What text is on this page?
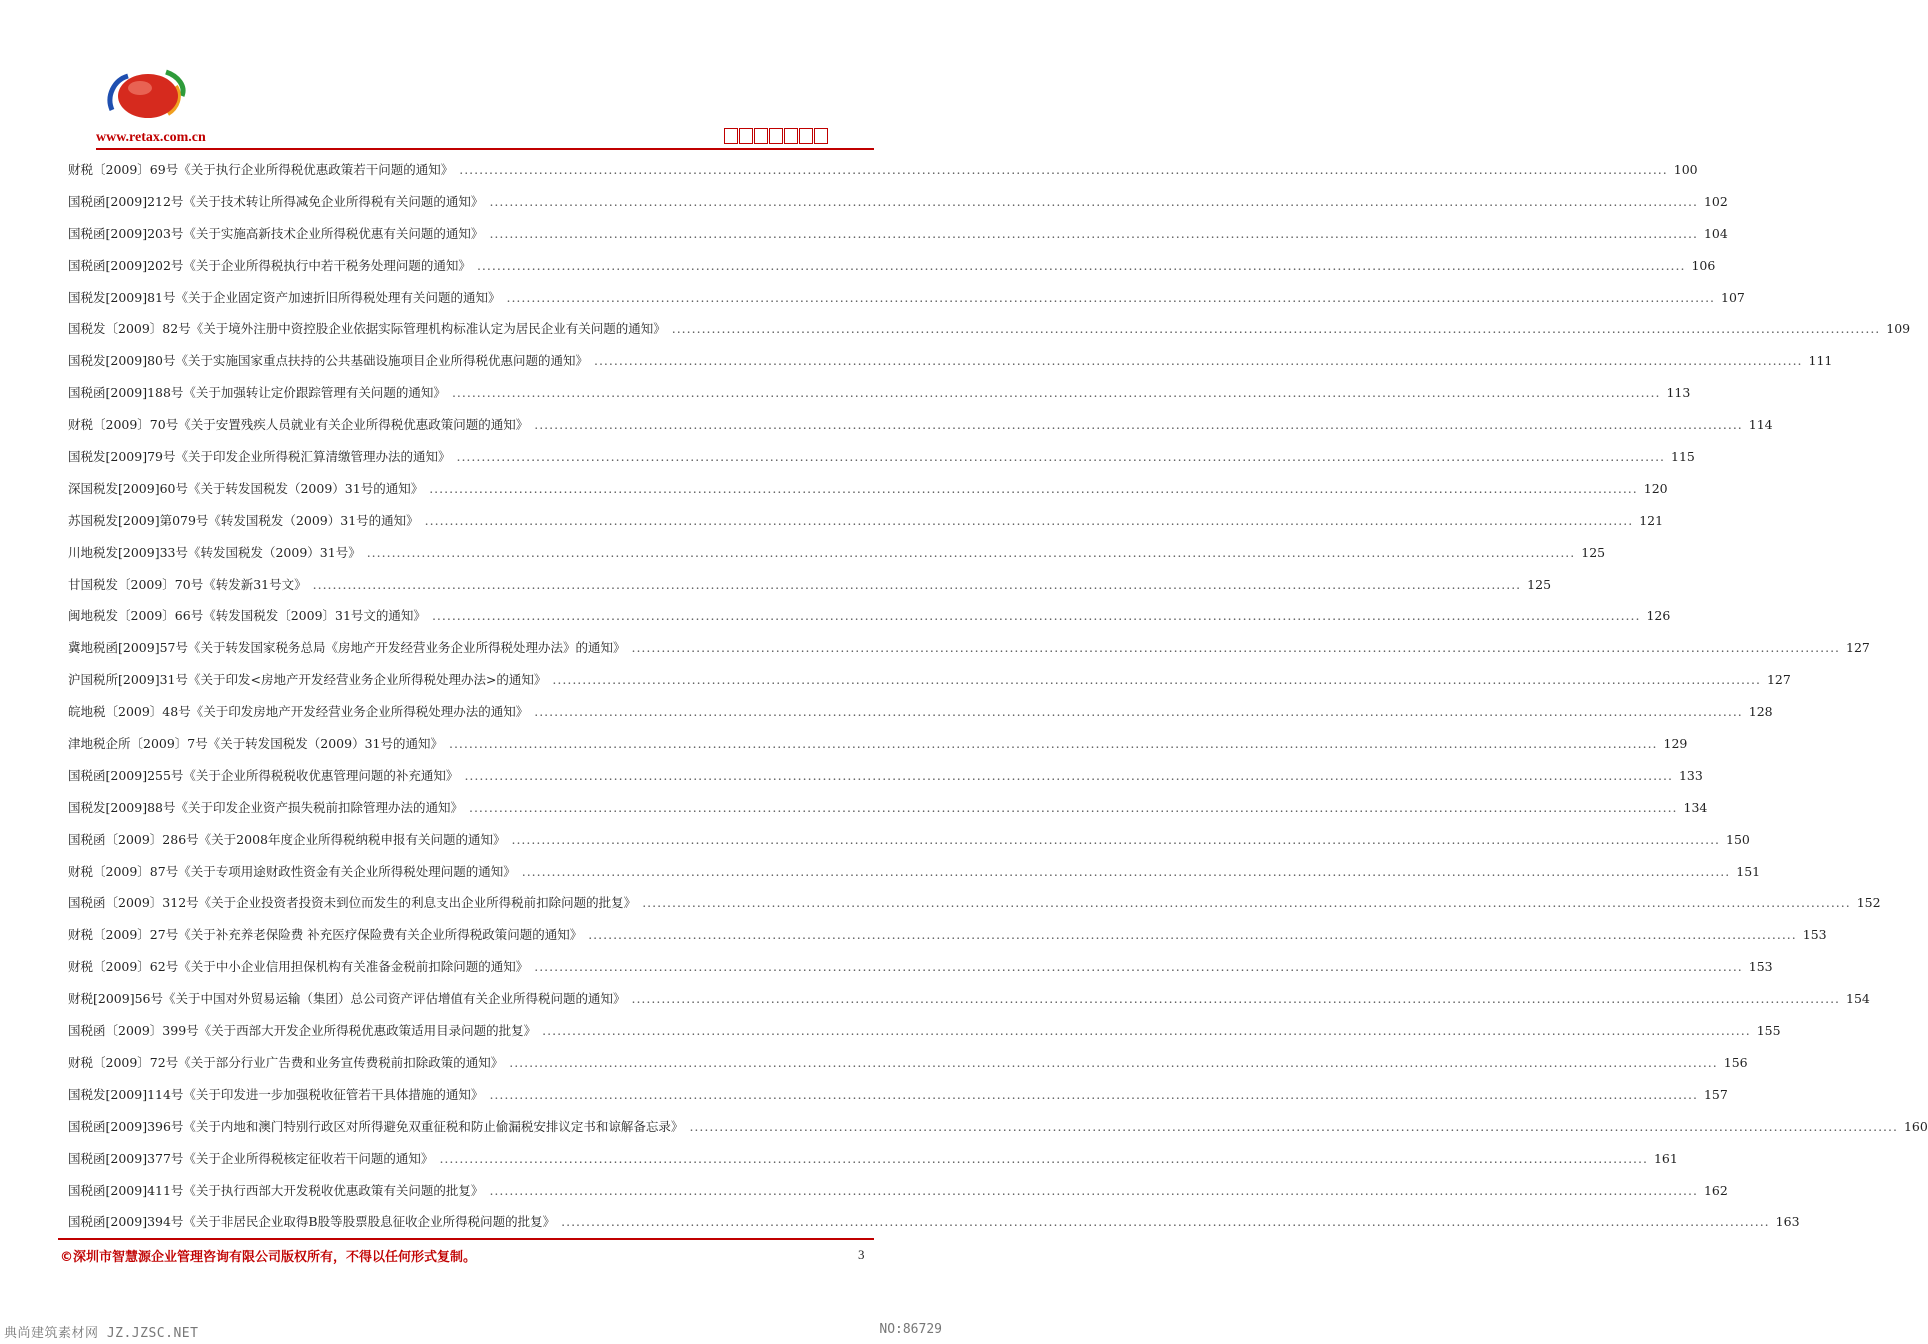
www.retax.com.cn
财税〔2009〕69号《关于执行企业所得税优惠政策若干问题的通知》 .....	100
国税函[2009]212号《关于技术转让所得减免企业所得税有关问题的通知》 .....	102
国税函[2009]203号《关于实施高新技术企业所得税优惠有关问题的通知》 .....	104
国税函[2009]202号《关于企业所得税执行中若干税务处理问题的通知》 .....	106
国税发[2009]81号《关于企业固定资产加速折旧所得税处理有关问题的通知》 .....	107
国税发〔2009〕82号《关于境外注册中资控股企业依据实际管理机构标准认定为居民企业有关问题的通知》 .....	109
国税发[2009]80号《关于实施国家重点扶持的公共基础设施项目企业所得税优惠问题的通知》 .....	111
国税函[2009]188号《关于加强转让定价跟踪管理有关问题的通知》 .....	113
财税〔2009〕70号《关于安置残疾人员就业有关企业所得税优惠政策问题的通知》 .....	114
国税发[2009]79号《关于印发企业所得税汇算清缴管理办法的通知》 .....	115
深国税发[2009]60号《关于转发国税发（2009）31号的通知》 .....	120
苏国税发[2009]第079号《转发国税发（2009）31号的通知》 .....	121
川地税发[2009]33号《转发国税发（2009）31号》 .....	125
甘国税发〔2009〕70号《转发新31号文》 .....	125
闽地税发〔2009〕66号《转发国税发〔2009〕31号文的通知》 .....	126
冀地税函[2009]57号《关于转发国家税务总局《房地产开发经营业务企业所得税处理办法》的通知》 .....	127
沪国税所[2009]31号《关于印发<房地产开发经营业务企业所得税处理办法>的通知》 .....	127
皖地税〔2009〕48号《关于印发房地产开发经营业务企业所得税处理办法的通知》 .....	128
津地税企所〔2009〕7号《关于转发国税发（2009）31号的通知》 .....	129
国税函[2009]255号《关于企业所得税税收优惠管理问题的补充通知》 .....	133
国税发[2009]88号《关于印发企业资产损失税前扣除管理办法的通知》 .....	134
国税函〔2009〕286号《关于2008年度企业所得税纳税申报有关问题的通知》 .....	150
财税〔2009〕87号《关于专项用途财政性资金有关企业所得税处理问题的通知》 .....	151
国税函〔2009〕312号《关于企业投资者投资未到位而发生的利息支出企业所得税前扣除问题的批复》 .....	152
财税〔2009〕27号《关于补充养老保险费 补充医疗保险费有关企业所得税政策问题的通知》 .....	153
财税〔2009〕62号《关于中小企业信用担保机构有关准备金税前扣除问题的通知》 .....	153
财税[2009]56号《关于中国对外贸易运输（集团）总公司资产评估增值有关企业所得税问题的通知》 .....	154
国税函〔2009〕399号《关于西部大开发企业所得税优惠政策适用目录问题的批复》 .....	155
财税〔2009〕72号《关于部分行业广告费和业务宣传费税前扣除政策的通知》 .....	156
国税发[2009]114号《关于印发进一步加强税收征管若干具体措施的通知》 .....	157
国税函[2009]396号《关于内地和澳门特别行政区对所得避免双重征税和防止偷漏税安排议定书和谅解备忘录》 .....	160
国税函[2009]377号《关于企业所得税核定征收若干问题的通知》 .....	161
国税函[2009]411号《关于执行西部大开发税收优惠政策有关问题的批复》 .....	162
国税函[2009]394号《关于非居民企业取得B股等股票股息征收企业所得税问题的批复》 .....	163
©深圳市智慧源企业管理咨询有限公司版权所有，不得以任何形式复制。	3
典尚建筑素材网 JZ.JZSC.NET	NO:86729
